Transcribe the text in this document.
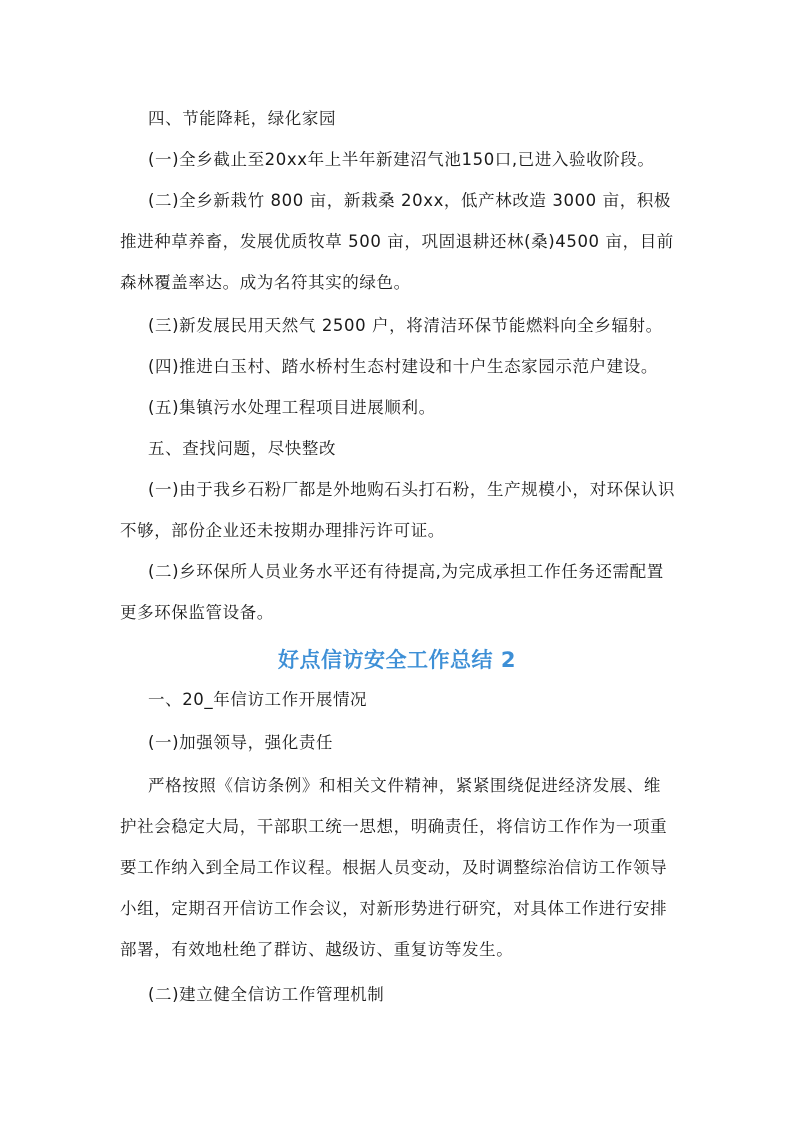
四、节能降耗，绿化家园

(一)全乡截止至20xx年上半年新建沼气池150口,已进入验收阶段。

(二)全乡新栽竹 800 亩，新栽桑 20xx，低产林改造 3000 亩，积极推进种草养畜，发展优质牧草 500 亩，巩固退耕还林(桑)4500 亩，目前森林覆盖率达。成为名符其实的绿色。

(三)新发展民用天然气 2500 户，将清洁环保节能燃料向全乡辐射。

(四)推进白玉村、踏水桥村生态村建设和十户生态家园示范户建设。

(五)集镇污水处理工程项目进展顺利。

五、查找问题，尽快整改

(一)由于我乡石粉厂都是外地购石头打石粉，生产规模小，对环保认识不够，部份企业还未按期办理排污许可证。

(二)乡环保所人员业务水平还有待提高,为完成承担工作任务还需配置更多环保监管设备。

好点信访安全工作总结 2

一、20_年信访工作开展情况

(一)加强领导，强化责任

严格按照《信访条例》和相关文件精神，紧紧围绕促进经济发展、维护社会稳定大局，干部职工统一思想，明确责任，将信访工作作为一项重要工作纳入到全局工作议程。根据人员变动，及时调整综治信访工作领导小组，定期召开信访工作会议，对新形势进行研究，对具体工作进行安排部署，有效地杜绝了群访、越级访、重复访等发生。

(二)建立健全信访工作管理机制
